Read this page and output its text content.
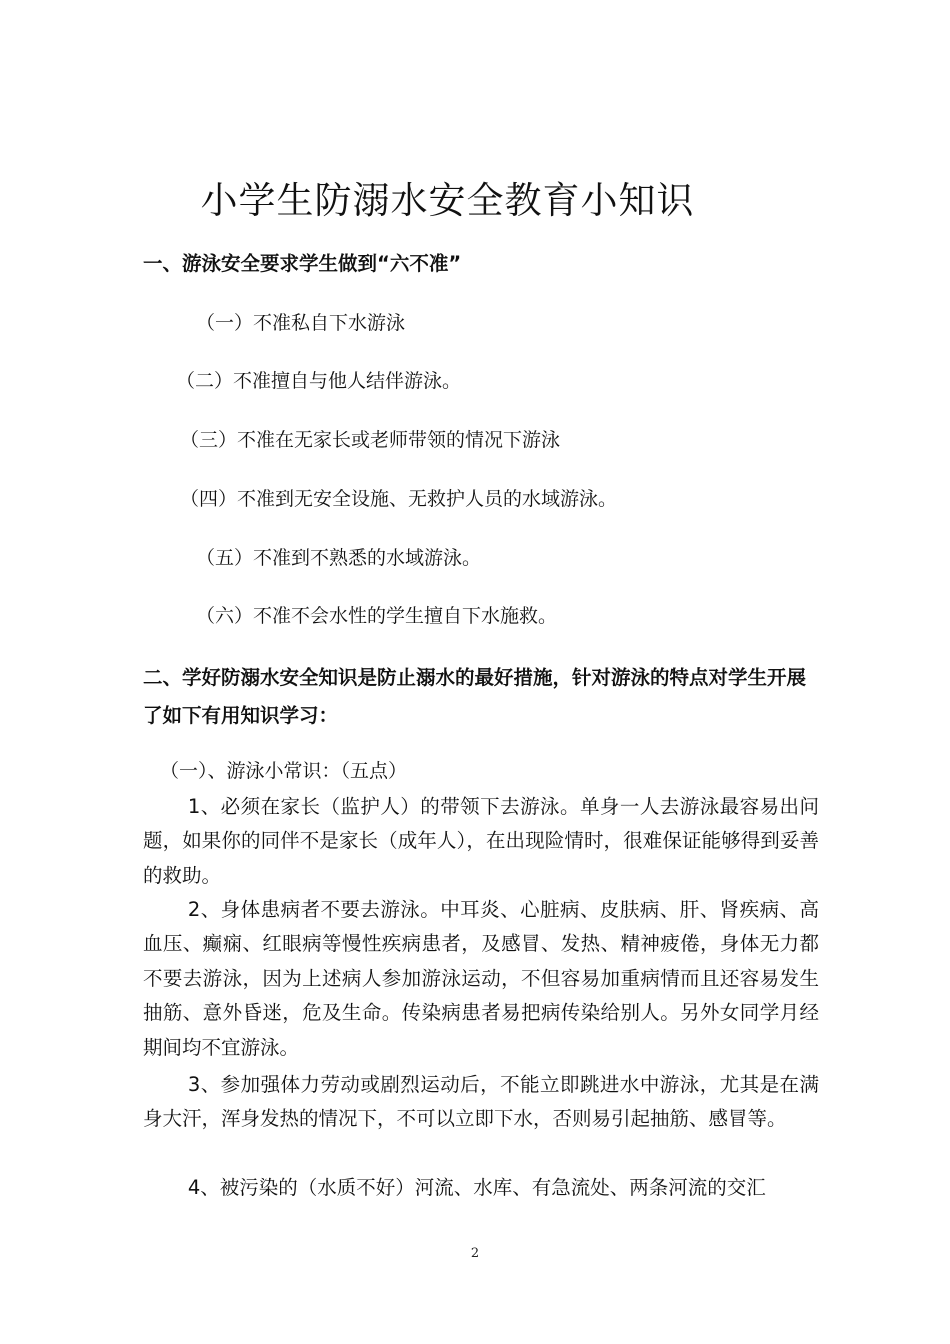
小学生防溺水安全教育小知识
一、游泳安全要求学生做到“六不准”
（一）不准私自下水游泳
（二）不准擅自与他人结伴游泳。
（三）不准在无家长或老师带领的情况下游泳
（四）不准到无安全设施、无救护人员的水域游泳。
（五）不准到不熟悉的水域游泳。
（六）不准不会水性的学生擅自下水施救。
二、学好防溺水安全知识是防止溺水的最好措施，针对游泳的特点对学生开展了如下有用知识学习：
（一）、游泳小常识：（五点）
1、必须在家长（监护人）的带领下去游泳。单身一人去游泳最容易出问题，如果你的同伴不是家长（成年人），在出现险情时，很难保证能够得到妥善的救助。
2、身体患病者不要去游泳。中耳炎、心脏病、皮肤病、肝、肾疾病、高血压、癫痫、红眼病等慢性疾病患者，及感冒、发热、精神疲倦，身体无力都不要去游泳，因为上述病人参加游泳运动，不但容易加重病情而且还容易发生抽筋、意外昏迷，危及生命。传染病患者易把病传染给别人。另外女同学月经期间均不宜游泳。
3、参加强体力劳动或剧烈运动后，不能立即跳进水中游泳，尤其是在满身大汗，浑身发热的情况下，不可以立即下水，否则易引起抽筋、感冒等。
4、被污染的（水质不好）河流、水库、有急流处、两条河流的交汇
2
